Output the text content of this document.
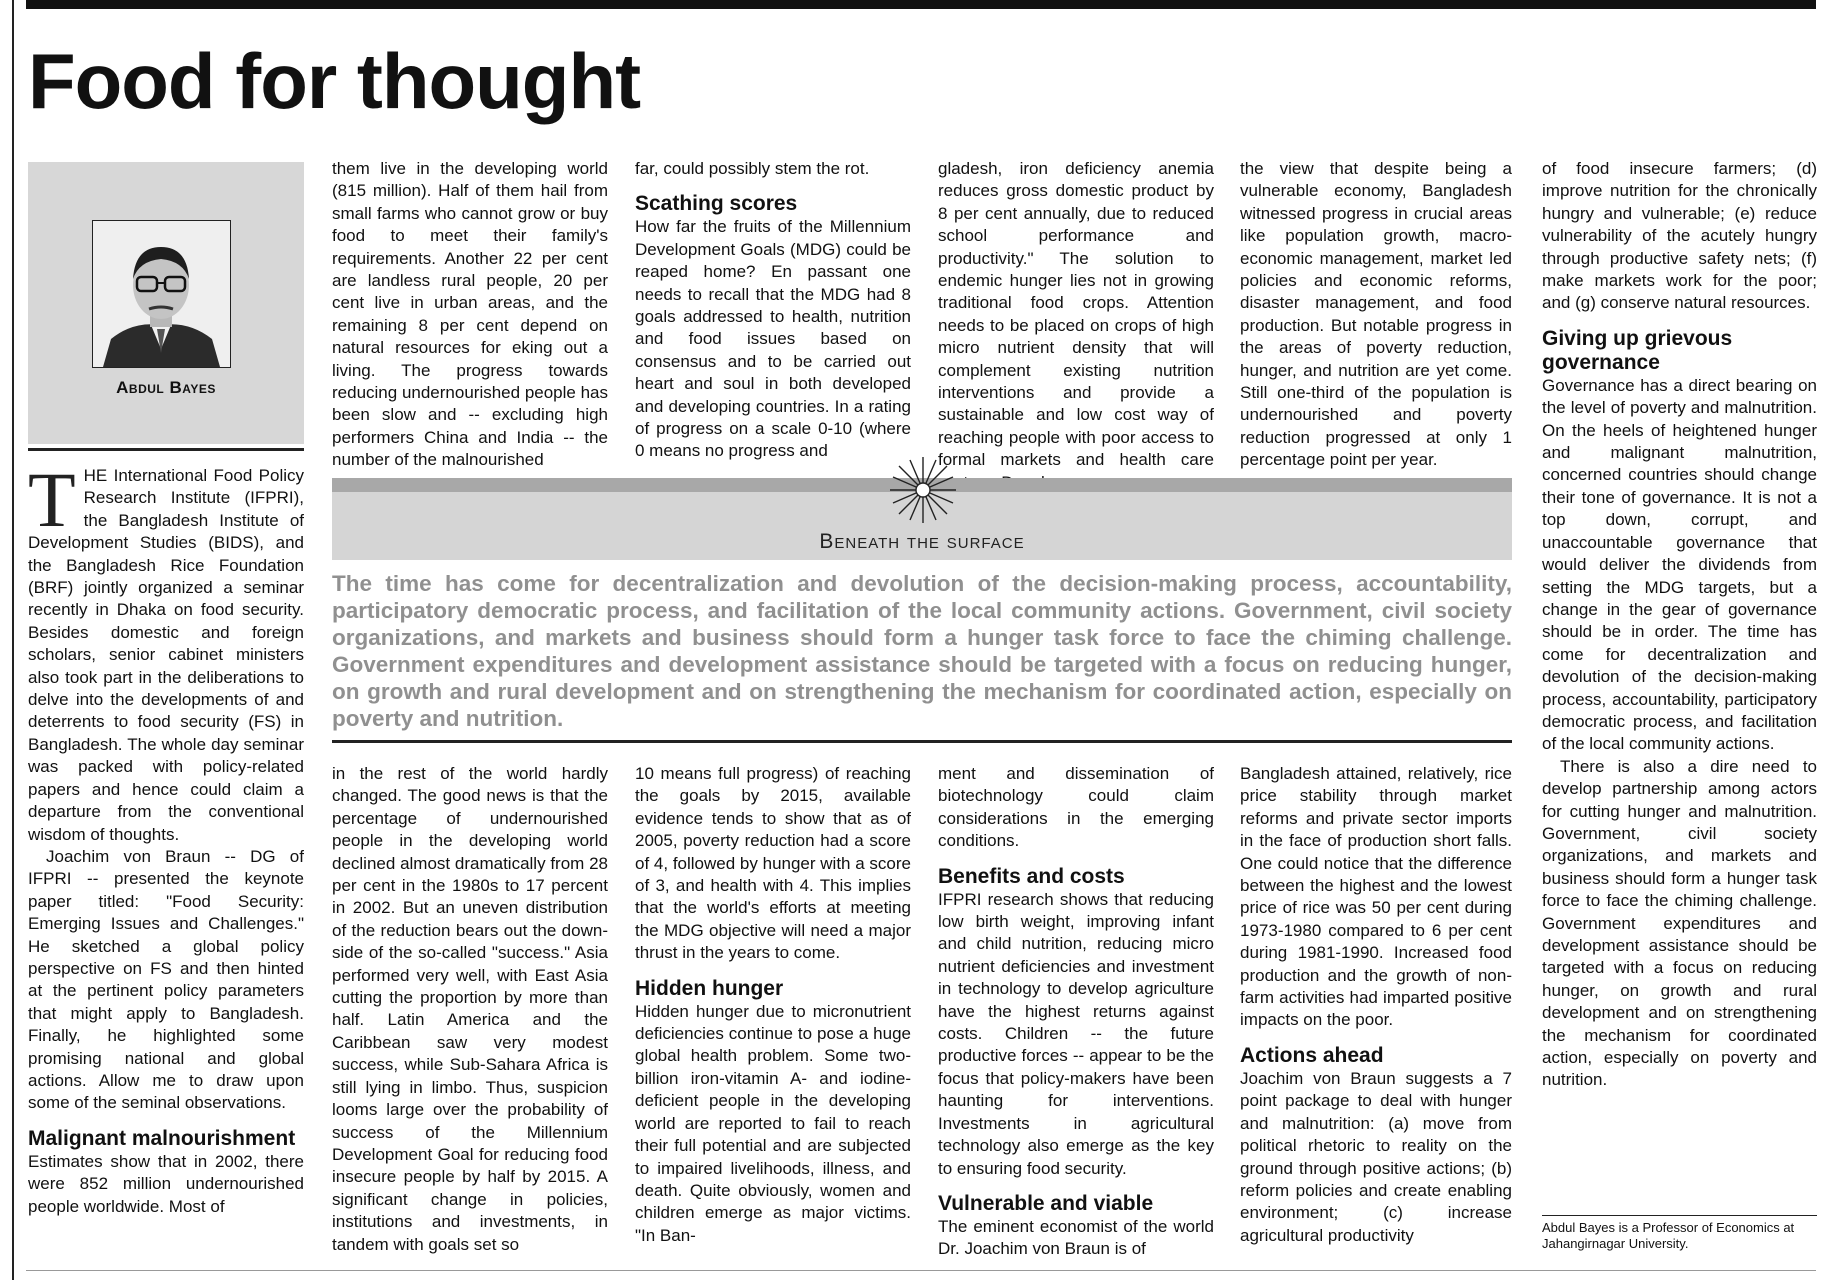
Food for thought
Abdul Bayes

THE International Food Policy Research Institute (IFPRI), the Bangladesh Institute of Development Studies (BIDS), and the Bangladesh Rice Foundation (BRF) jointly organized a seminar recently in Dhaka on food security. Besides domestic and foreign scholars, senior cabinet ministers also took part in the deliberations to delve into the developments of and deterrents to food security (FS) in Bangladesh. The whole day seminar was packed with policy-related papers and hence could claim a departure from the conventional wisdom of thoughts.

Joachim von Braun -- DG of IFPRI -- presented the keynote paper titled: "Food Security: Emerging Issues and Challenges." He sketched a global policy perspective on FS and then hinted at the pertinent policy parameters that might apply to Bangladesh. Finally, he highlighted some promising national and global actions. Allow me to draw upon some of the seminal observations.

Malignant malnourishment

Estimates show that in 2002, there were 852 million undernourished people worldwide. Most of

them live in the developing world (815 million). Half of them hail from small farms who cannot grow or buy food to meet their family's requirements. Another 22 per cent are landless rural people, 20 per cent live in urban areas, and the remaining 8 per cent depend on natural resources for eking out a living. The progress towards reducing undernourished people has been slow and -- excluding high performers China and India -- the number of the malnourished

far, could possibly stem the rot.

Scathing scores

How far the fruits of the Millennium Development Goals (MDG) could be reaped home? En passant one needs to recall that the MDG had 8 goals addressed to health, nutrition and food issues based on consensus and to be carried out heart and soul in both developed and developing countries. In a rating of progress on a scale 0-10 (where 0 means no progress and

gladesh, iron deficiency anemia reduces gross domestic product by 8 per cent annually, due to reduced school performance and productivity." The solution to endemic hunger lies not in growing traditional food crops. Attention needs to be placed on crops of high micro nutrient density that will complement existing nutrition interventions and provide a sustainable and low cost way of reaching people with poor access to formal markets and health care

the view that despite being a vulnerable economy, Bangladesh witnessed progress in crucial areas like population growth, macro-economic management, market led policies and economic reforms, disaster management, and food production. But notable progress in the areas of poverty reduction, hunger, and nutrition are yet come. Still one-third of the population is undernourished and poverty reduction progressed at only 1 percentage point per year.

Beneath the surface

The time has come for decentralization and devolution of the decision-making process, accountability, participatory democratic process, and facilitation of the local community actions. Government, civil society organizations, and markets and business should form a hunger task force to face the chiming challenge. Government expenditures and development assistance should be targeted with a focus on reducing hunger, on growth and rural development and on strengthening the mechanism for coordinated action, especially on poverty and nutrition.

in the rest of the world hardly changed. The good news is that the percentage of undernourished people in the developing world declined almost dramatically from 28 per cent in the 1980s to 17 percent in 2002. But an uneven distribution of the reduction bears out the down-side of the so-called "success." Asia performed very well, with East Asia cutting the proportion by more than half. Latin America and the Caribbean saw very modest success, while Sub-Sahara Africa is still lying in limbo. Thus, suspicion looms large over the probability of success of the Millennium Development Goal for reducing food insecure people by half by 2015. A significant change in policies, institutions and investments, in tandem with goals set so

10 means full progress) of reaching the goals by 2015, available evidence tends to show that as of 2005, poverty reduction had a score of 4, followed by hunger with a score of 3, and health with 4. This implies that the world's efforts at meeting the MDG objective will need a major thrust in the years to come.

Hidden hunger

Hidden hunger due to micronutrient deficiencies continue to pose a huge global health problem. Some two-billion iron-vitamin A- and iodine-deficient people in the developing world are reported to fail to reach their full potential and are subjected to impaired livelihoods, illness, and death. Quite obviously, women and children emerge as major victims. "In Ban-

ment and dissemination of biotechnology could claim considerations in the emerging conditions.

Benefits and costs

IFPRI research shows that reducing low birth weight, improving infant and child nutrition, reducing micro nutrient deficiencies and investment in technology to develop agriculture have the highest returns against costs. Children -- the future productive forces -- appear to be the focus that policy-makers have been haunting for interventions. Investments in agricultural technology also emerge as the key to ensuring food security.

Vulnerable and viable

The eminent economist of the world Dr. Joachim von Braun is of

Bangladesh attained, relatively, rice price stability through market reforms and private sector imports in the face of production short falls. One could notice that the difference between the highest and the lowest price of rice was 50 per cent during 1973-1980 compared to 6 per cent during 1981-1990. Increased food production and the growth of non-farm activities had imparted positive impacts on the poor.

Actions ahead

Joachim von Braun suggests a 7 point package to deal with hunger and malnutrition: (a) move from political rhetoric to reality on the ground through positive actions; (b) reform policies and create enabling environment; (c) increase agricultural productivity

of food insecure farmers; (d) improve nutrition for the chronically hungry and vulnerable; (e) reduce vulnerability of the acutely hungry through productive safety nets; (f) make markets work for the poor; and (g) conserve natural resources.

Giving up grievous governance

Governance has a direct bearing on the level of poverty and malnutrition. On the heels of heightened hunger and malignant malnutrition, concerned countries should change their tone of governance. It is not a top down, corrupt, and unaccountable governance that would deliver the dividends from setting the MDG targets, but a change in the gear of governance should be in order. The time has come for decentralization and devolution of the decision-making process, accountability, participatory democratic process, and facilitation of the local community actions.

There is also a dire need to develop partnership among actors for cutting hunger and malnutrition. Government, civil society organizations, and markets and business should form a hunger task force to face the chiming challenge. Government expenditures and development assistance should be targeted with a focus on reducing hunger, on growth and rural development and on strengthening the mechanism for coordinated action, especially on poverty and nutrition.

Abdul Bayes is a Professor of Economics at Jahangirnagar University.
